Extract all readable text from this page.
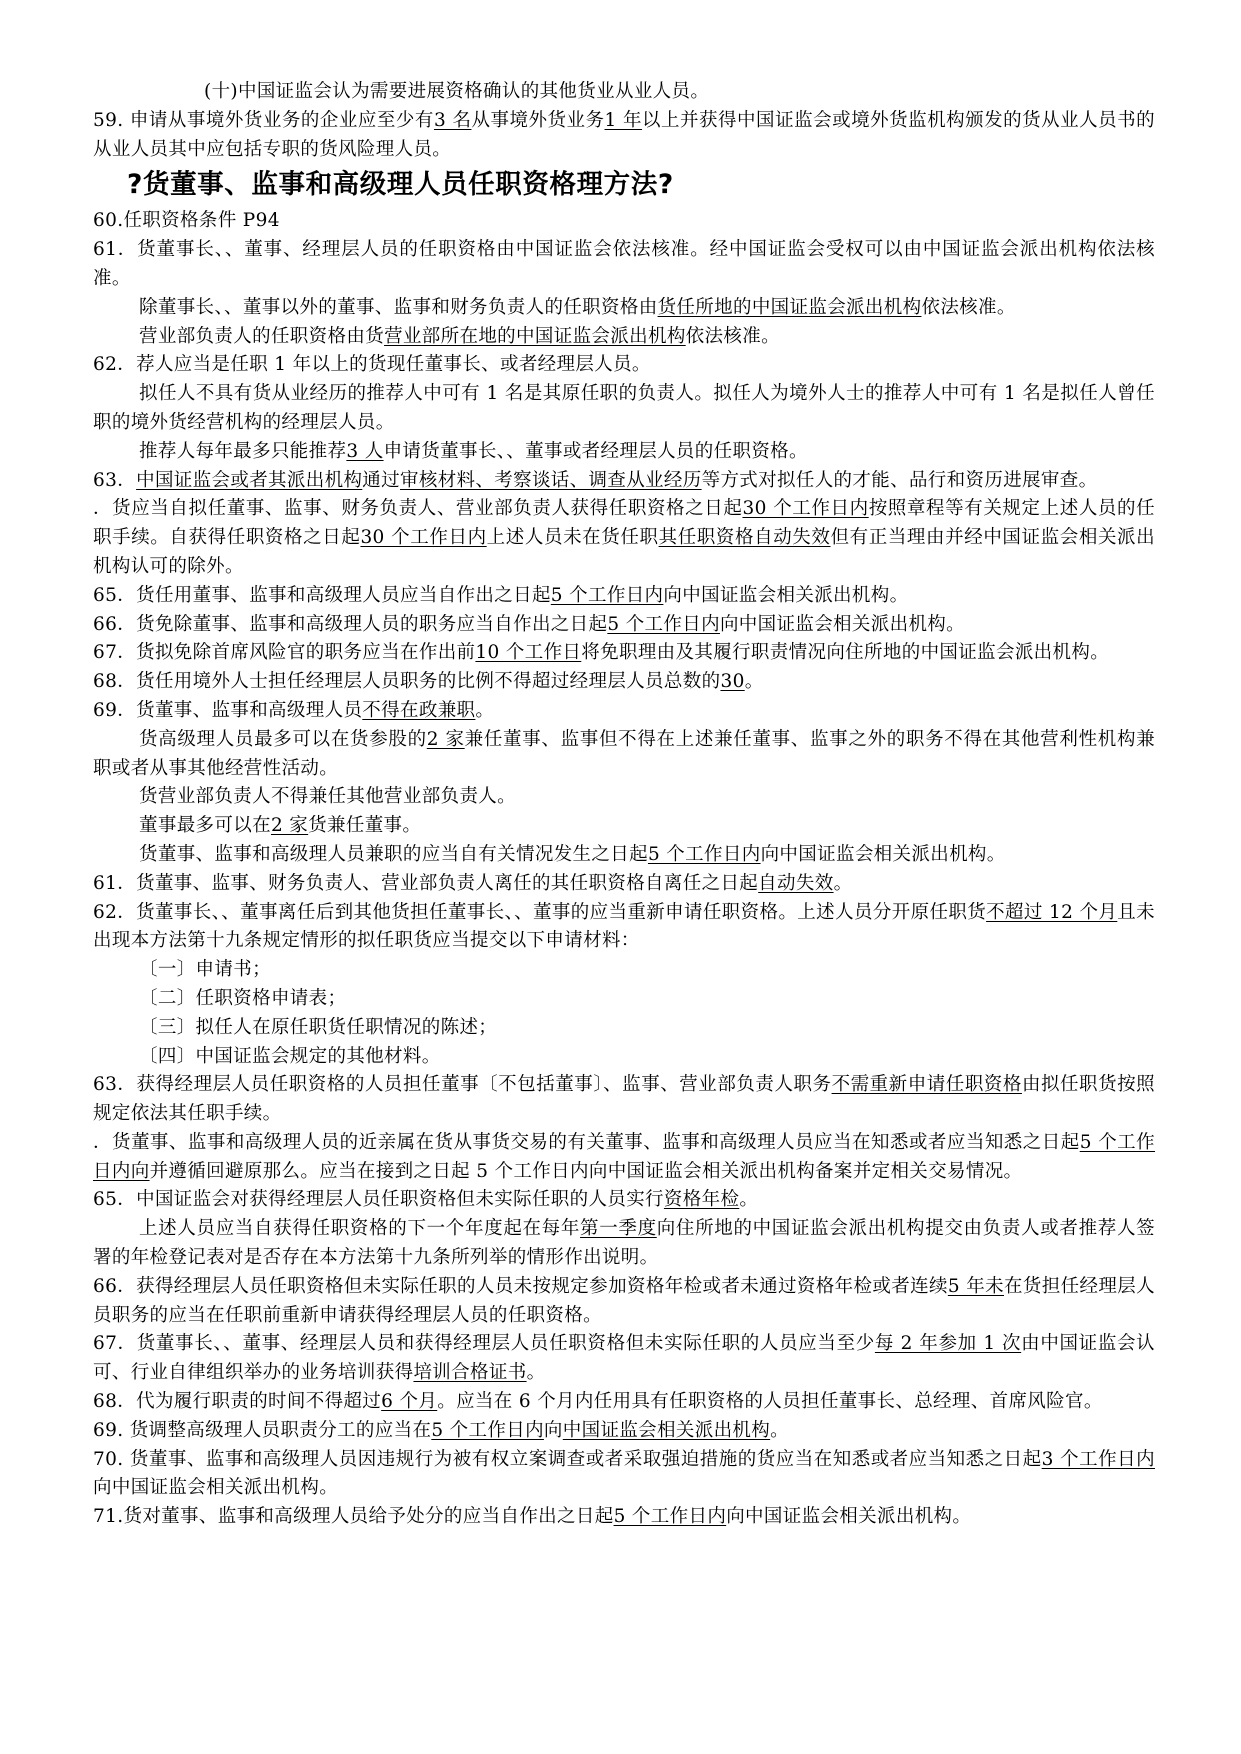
(十)中国证监会认为需要进展资格确认的其他货业从业人员。

59. 申请从事境外货业务的企业应至少有3 名从事境外货业务1 年以上并获得中国证监会或境外货监机构颁发的货从业人员书的从业人员其中应包括专职的货风险理人员。

?货董事、监事和高级理人员任职资格理方法?

60.任职资格条件 P94

61．货董事长、、董事、经理层人员的任职资格由中国证监会依法核准。经中国证监会受权可以由中国证监会派出机构依法核准。

除董事长、、董事以外的董事、监事和财务负责人的任职资格由货任所地的中国证监会派出机构依法核准。

营业部负责人的任职资格由货营业部所在地的中国证监会派出机构依法核准。

62．荐人应当是任职 1 年以上的货现任董事长、或者经理层人员。

拟任人不具有货从业经历的推荐人中可有 1 名是其原任职的负责人。拟任人为境外人士的推荐人中可有 1 名是拟任人曾任职的境外货经营机构的经理层人员。

推荐人每年最多只能推荐3 人申请货董事长、、董事或者经理层人员的任职资格。

63．中国证监会或者其派出机构通过审核材料、考察谈话、调查从业经历等方式对拟任人的才能、品行和资历进展审查。

．货应当自拟任董事、监事、财务负责人、营业部负责人获得任职资格之日起30 个工作日内按照章程等有关规定上述人员的任职手续。自获得任职资格之日起30 个工作日内上述人员未在货任职其任职资格自动失效但有正当理由并经中国证监会相关派出机构认可的除外。

65．货任用董事、监事和高级理人员应当自作出之日起5 个工作日内向中国证监会相关派出机构。

66．货免除董事、监事和高级理人员的职务应当自作出之日起5 个工作日内向中国证监会相关派出机构。

67．货拟免除首席风险官的职务应当在作出前10 个工作日将免职理由及其履行职责情况向住所地的中国证监会派出机构。

68．货任用境外人士担任经理层人员职务的比例不得超过经理层人员总数的30。

69．货董事、监事和高级理人员不得在政兼职。

货高级理人员最多可以在货参股的2 家兼任董事、监事但不得在上述兼任董事、监事之外的职务不得在其他营利性机构兼职或者从事其他经营性活动。

货营业部负责人不得兼任其他营业部负责人。

董事最多可以在2 家货兼任董事。

货董事、监事和高级理人员兼职的应当自有关情况发生之日起5 个工作日内向中国证监会相关派出机构。

61．货董事、监事、财务负责人、营业部负责人离任的其任职资格自离任之日起自动失效。

62．货董事长、、董事离任后到其他货担任董事长、、董事的应当重新申请任职资格。上述人员分开原任职货不超过 12 个月且未出现本方法第十九条规定情形的拟任职货应当提交以下申请材料：

〔一〕申请书；

〔二〕任职资格申请表；

〔三〕拟任人在原任职货任职情况的陈述；

〔四〕中国证监会规定的其他材料。

63．获得经理层人员任职资格的人员担任董事〔不包括董事〕、监事、营业部负责人职务不需重新申请任职资格由拟任职货按照规定依法其任职手续。

．货董事、监事和高级理人员的近亲属在货从事货交易的有关董事、监事和高级理人员应当在知悉或者应当知悉之日起5 个工作日内向并遵循回避原那么。应当在接到之日起 5 个工作日内向中国证监会相关派出机构备案并定相关交易情况。

65．中国证监会对获得经理层人员任职资格但未实际任职的人员实行资格年检。

上述人员应当自获得任职资格的下一个年度起在每年第一季度向住所地的中国证监会派出机构提交由负责人或者推荐人签署的年检登记表对是否存在本方法第十九条所列举的情形作出说明。

66．获得经理层人员任职资格但未实际任职的人员未按规定参加资格年检或者未通过资格年检或者连续5 年未在货担任经理层人员职务的应当在任职前重新申请获得经理层人员的任职资格。

67．货董事长、、董事、经理层人员和获得经理层人员任职资格但未实际任职的人员应当至少每 2 年参加 1 次由中国证监会认可、行业自律组织举办的业务培训获得培训合格证书。

68．代为履行职责的时间不得超过6 个月。应当在 6 个月内任用具有任职资格的人员担任董事长、总经理、首席风险官。

69. 货调整高级理人员职责分工的应当在5 个工作日内向中国证监会相关派出机构。

70. 货董事、监事和高级理人员因违规行为被有权立案调查或者采取强迫措施的货应当在知悉或者应当知悉之日起3 个工作日内向中国证监会相关派出机构。

71.货对董事、监事和高级理人员给予处分的应当自作出之日起5 个工作日内向中国证监会相关派出机构。
